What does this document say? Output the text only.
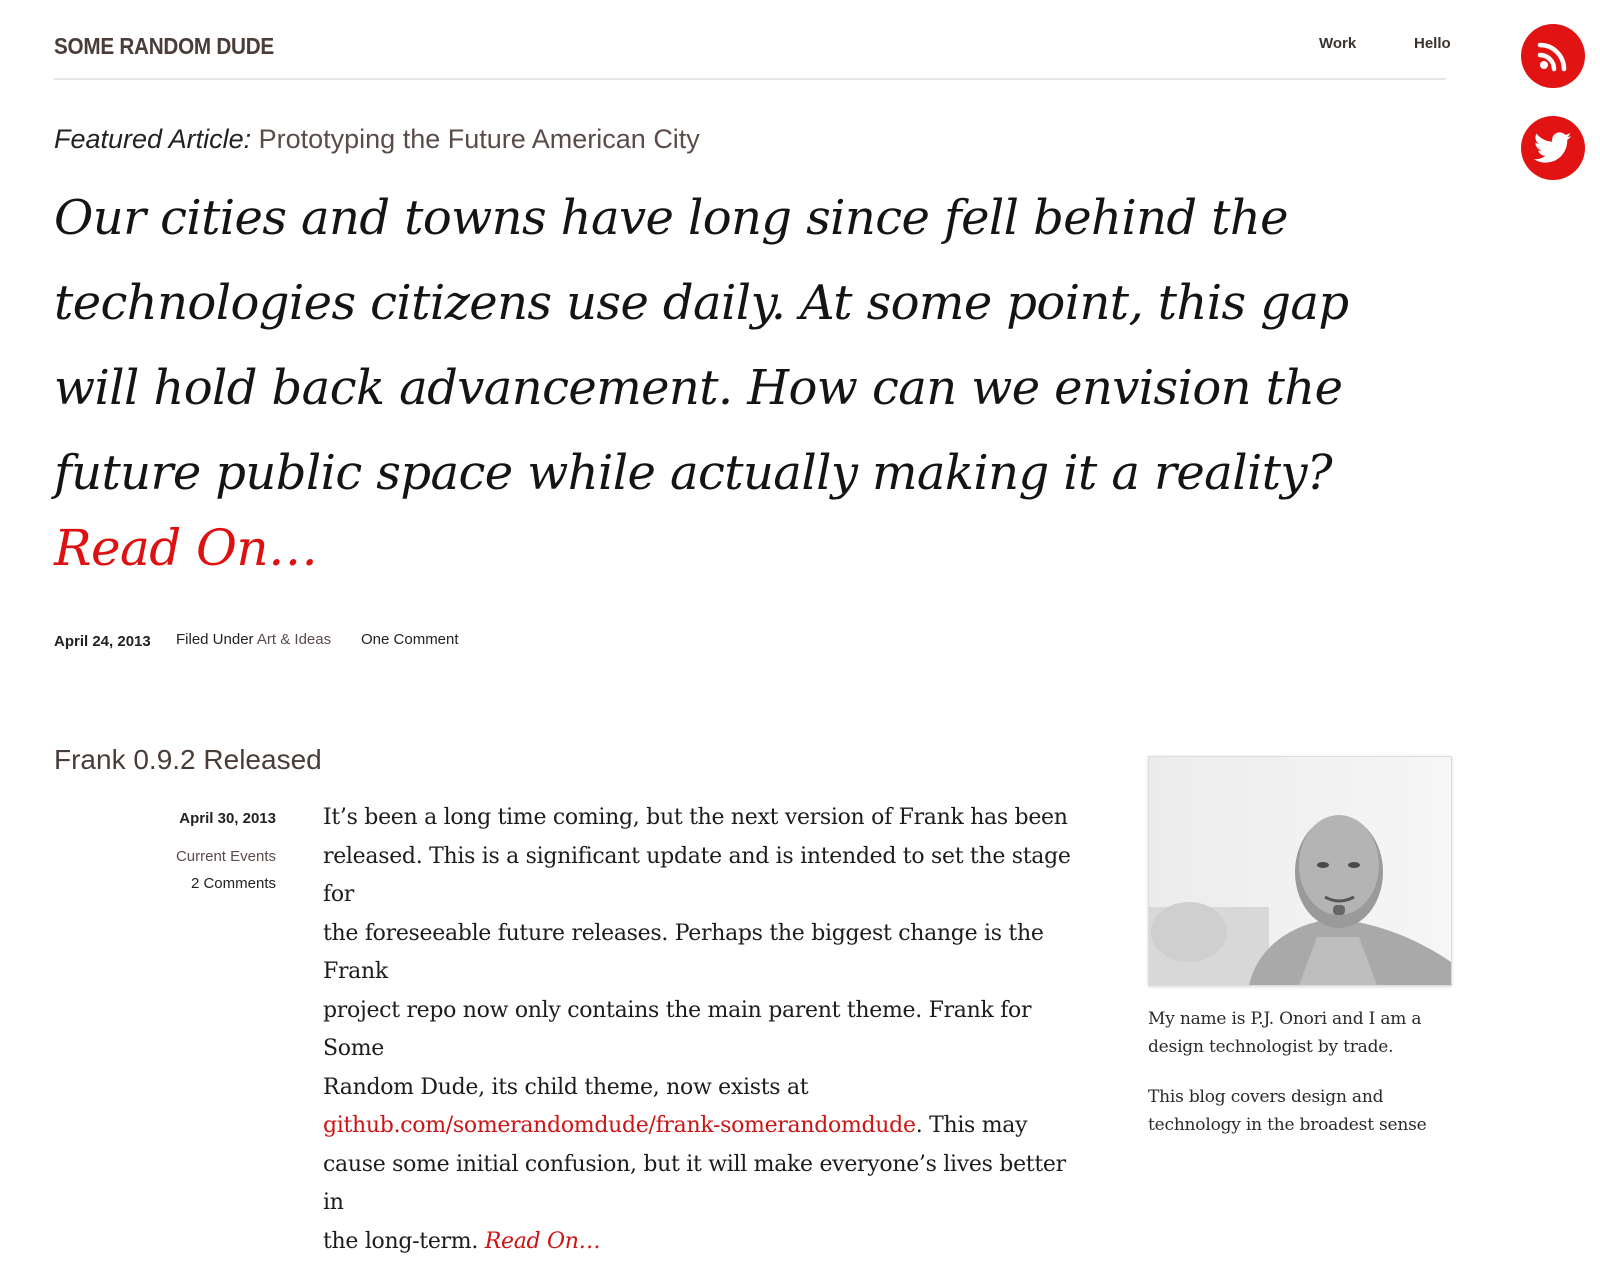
SOME RANDOM DUDE	Work	Hello
Featured Article: Prototyping the Future American City
Our cities and towns have long since fell behind the
technologies citizens use daily. At some point, this gap
will hold back advancement. How can we envision the
future public space while actually making it a reality?
Read On…
April 24, 2013 Filed Under Art & Ideas One Comment
Frank 0.9.2 Released
April 30, 2013
Current Events
2 Comments
It’s been a long time coming, but the next version of Frank has been
released. This is a significant update and is intended to set the stage for
the foreseeable future releases. Perhaps the biggest change is the Frank
project repo now only contains the main parent theme. Frank for Some
Random Dude, its child theme, now exists at
github.com/somerandomdude/frank-somerandomdude. This may
cause some initial confusion, but it will make everyone’s lives better in
the long-term. Read On…
My name is P.J. Onori and I am a
design technologist by trade.
This blog covers design and
technology in the broadest sense
